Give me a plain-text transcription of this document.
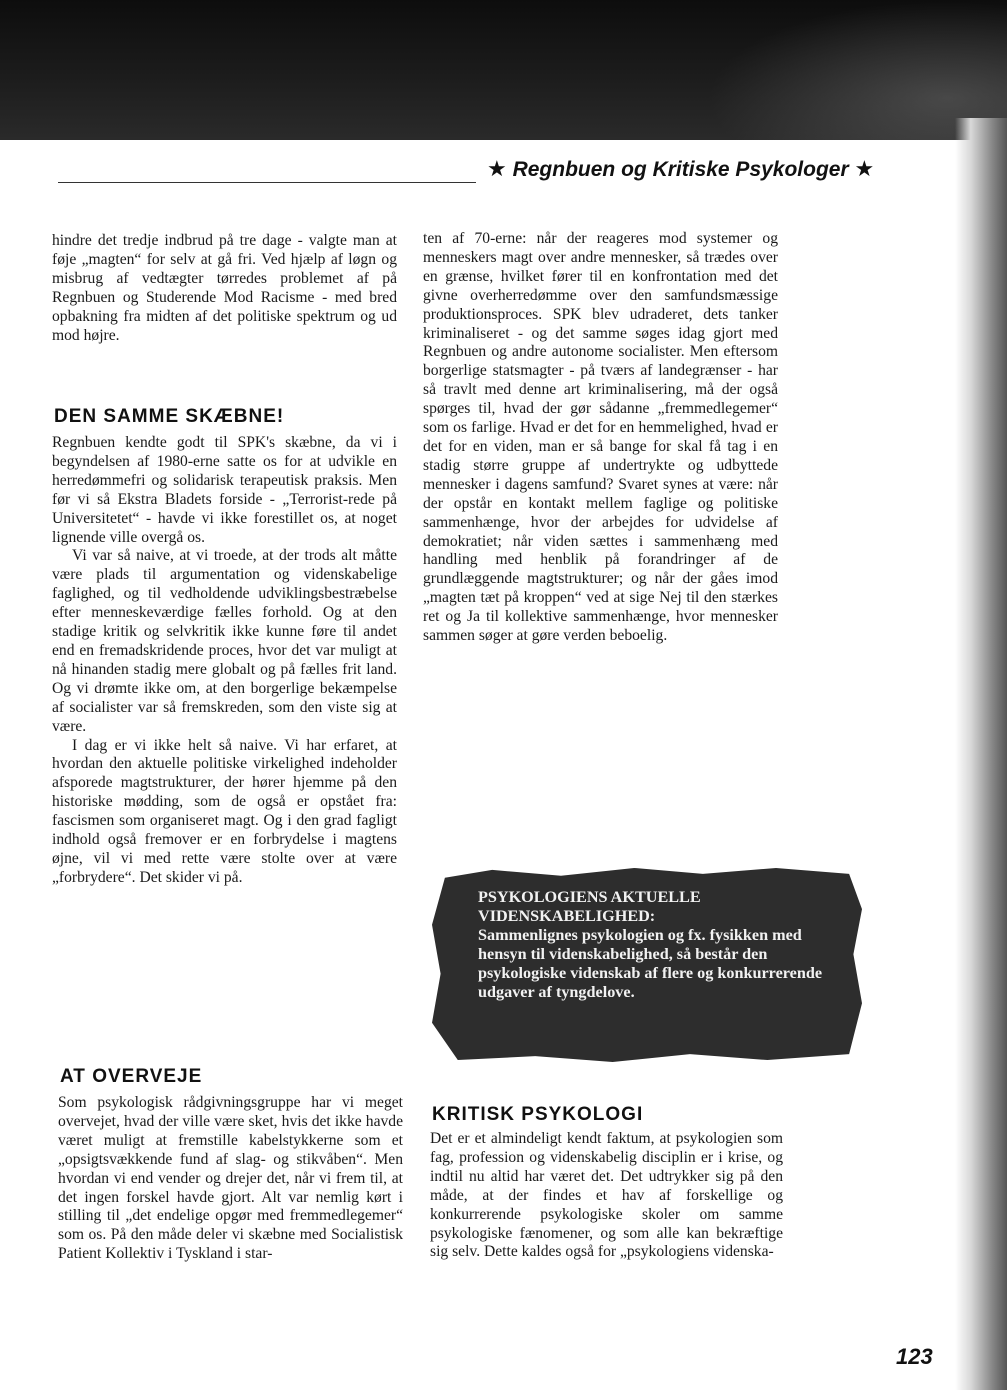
★ Regnbuen og Kritiske Psykologer ★

hindre det tredje indbrud på tre dage - valgte man at føje „magten“ for selv at gå fri. Ved hjælp af løgn og misbrug af vedtægter tørredes problemet af på Regnbuen og Studerende Mod Racisme - med bred opbakning fra midten af det politiske spektrum og ud mod højre.

DEN SAMME SKÆBNE!

Regnbuen kendte godt til SPK's skæbne, da vi i begyndelsen af 1980-erne satte os for at udvikle en herredømmefri og solidarisk terapeutisk praksis. Men før vi så Ekstra Bladets forside - „Terrorist-rede på Universitetet“ - havde vi ikke forestillet os, at noget lignende ville overgå os.

Vi var så naive, at vi troede, at der trods alt måtte være plads til argumentation og videnskabelige faglighed, og til vedholdende udviklingsbestræbelse efter menneskeværdige fælles forhold. Og at den stadige kritik og selvkritik ikke kunne føre til andet end en fremadskridende proces, hvor det var muligt at nå hinanden stadig mere globalt og på fælles frit land. Og vi drømte ikke om, at den borgerlige bekæmpelse af socialister var så fremskreden, som den viste sig at være.

I dag er vi ikke helt så naive. Vi har erfaret, at hvordan den aktuelle politiske virkelighed indeholder afsporede magtstrukturer, der hører hjemme på den historiske mødding, som de også er opstået fra: fascismen som organiseret magt. Og i den grad fagligt indhold også fremover er en forbrydelse i magtens øjne, vil vi med rette være stolte over at være „forbrydere“. Det skider vi på.

AT OVERVEJE

Som psykologisk rådgivningsgruppe har vi meget overvejet, hvad der ville være sket, hvis det ikke havde været muligt at fremstille kabelstykkerne som et „opsigtsvækkende fund af slag- og stikvåben“. Men hvordan vi end vender og drejer det, når vi frem til, at det ingen forskel havde gjort. Alt var nemlig kørt i stilling til „det endelige opgør med fremmedlegemer“ som os. På den måde deler vi skæbne med Socialistisk Patient Kollektiv i Tyskland i star-

ten af 70-erne: når der reageres mod systemer og menneskers magt over andre mennesker, så trædes over en grænse, hvilket fører til en konfrontation med det givne overherredømme over den samfundsmæssige produktionsproces. SPK blev udraderet, dets tanker kriminaliseret - og det samme søges idag gjort med Regnbuen og andre autonome socialister. Men eftersom borgerlige statsmagter - på tværs af landegrænser - har så travlt med denne art kriminalisering, må der også spørges til, hvad der gør sådanne „fremmedlegemer“ som os farlige. Hvad er det for en hemmelighed, hvad er det for en viden, man er så bange for skal få tag i en stadig større gruppe af undertrykte og udbyttede mennesker i dagens samfund? Svaret synes at være: når der opstår en kontakt mellem faglige og politiske sammenhænge, hvor der arbejdes for udvidelse af demokratiet; når viden sættes i sammenhæng med handling med henblik på forandringer af de grundlæggende magtstrukturer; og når der gåes imod „magten tæt på kroppen“ ved at sige Nej til den stærkes ret og Ja til kollektive sammenhænge, hvor mennesker sammen søger at gøre verden beboelig.

PSYKOLOGIENS AKTUELLE VIDENSKABELIGHED:

Sammenlignes psykologien og fx. fysikken med hensyn til videnskabelighed, så består den psykologiske videnskab af flere og konkurrerende udgaver af tyngdelove.

KRITISK PSYKOLOGI

Det er et almindeligt kendt faktum, at psykologien som fag, profession og videnskabelig disciplin er i krise, og indtil nu altid har været det. Det udtrykker sig på den måde, at der findes et hav af forskellige og konkurrerende psykologiske skoler om samme psykologiske fænomener, og som alle kan bekræftige sig selv. Dette kaldes også for „psykologiens videnska-

123
